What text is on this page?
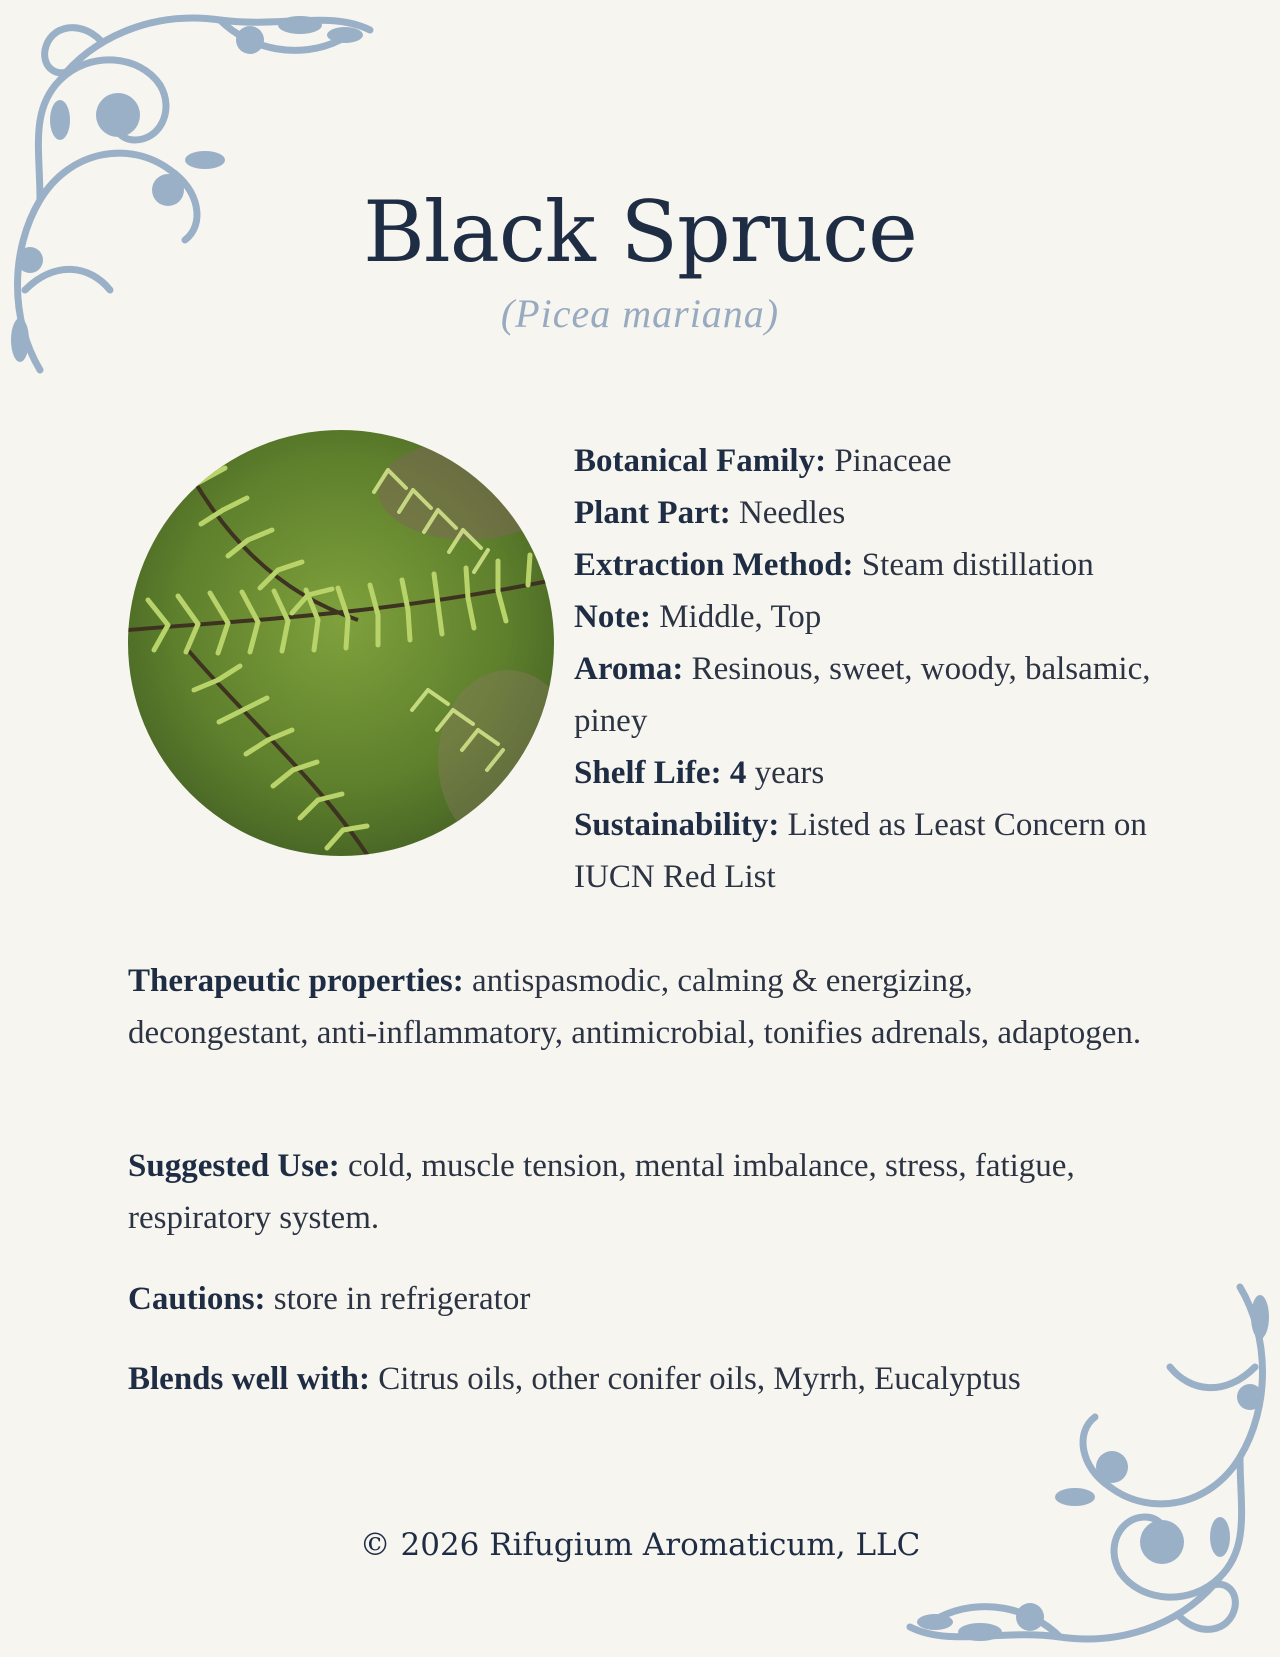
Black Spruce
(Picea mariana)
Botanical Family: Pinaceae
Plant Part: Needles
Extraction Method: Steam distillation
Note: Middle, Top
Aroma: Resinous, sweet, woody, balsamic, piney
Shelf Life: 4 years
Sustainability: Listed as Least Concern on IUCN Red List
Therapeutic properties: antispasmodic, calming & energizing, decongestant, anti-inflammatory, antimicrobial, tonifies adrenals, adaptogen.
Suggested Use: cold, muscle tension, mental imbalance, stress, fatigue, respiratory system.
Cautions: store in refrigerator
Blends well with: Citrus oils, other conifer oils, Myrrh, Eucalyptus
© 2026 Rifugium Aromaticum, LLC
